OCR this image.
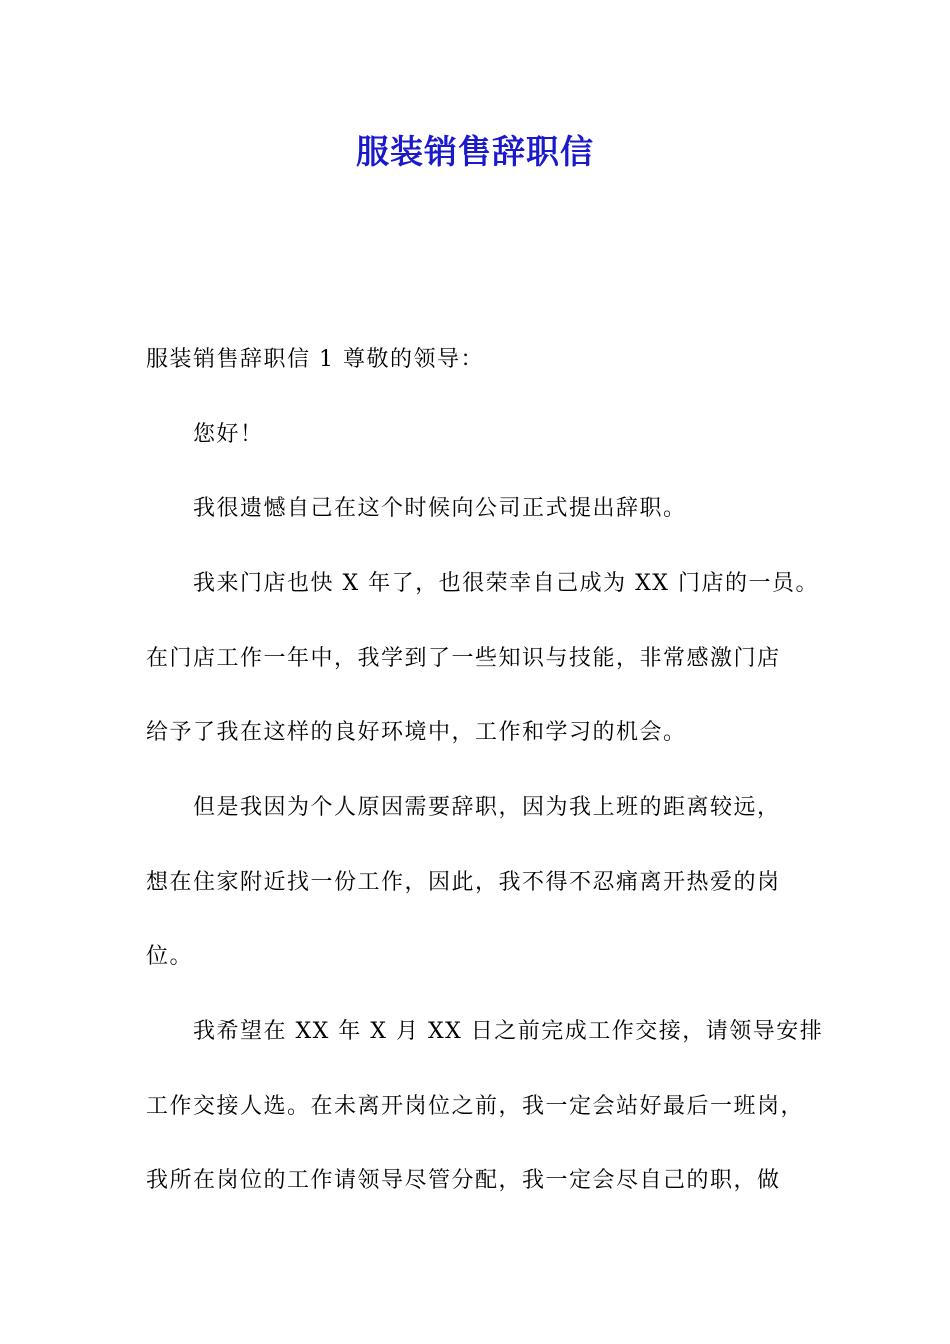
服装销售辞职信
服装销售辞职信 1 尊敬的领导：
您好！
我很遗憾自己在这个时候向公司正式提出辞职。
我来门店也快 X 年了，也很荣幸自己成为 XX 门店的一员。
在门店工作一年中，我学到了一些知识与技能，非常感激门店
给予了我在这样的良好环境中，工作和学习的机会。
但是我因为个人原因需要辞职，因为我上班的距离较远，
想在住家附近找一份工作，因此，我不得不忍痛离开热爱的岗
位。
我希望在 XX 年 X 月 XX 日之前完成工作交接，请领导安排
工作交接人选。在未离开岗位之前，我一定会站好最后一班岗，
我所在岗位的工作请领导尽管分配，我一定会尽自己的职，做
